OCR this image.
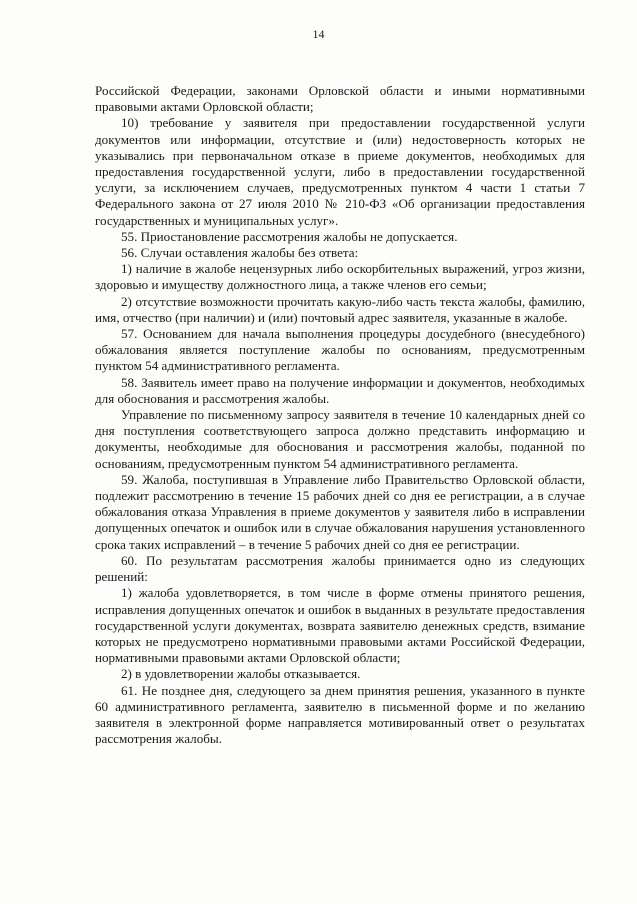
14

Российской Федерации, законами Орловской области и иными нормативными правовыми актами Орловской области;

10) требование у заявителя при предоставлении государственной услуги документов или информации, отсутствие и (или) недостоверность которых не указывались при первоначальном отказе в приеме документов, необходимых для предоставления государственной услуги, либо в предоставлении государственной услуги, за исключением случаев, предусмотренных пунктом 4 части 1 статьи 7 Федерального закона от 27 июля 2010 № 210-ФЗ «Об организации предоставления государственных и муниципальных услуг».

55. Приостановление рассмотрения жалобы не допускается.

56. Случаи оставления жалобы без ответа:

1) наличие в жалобе нецензурных либо оскорбительных выражений, угроз жизни, здоровью и имуществу должностного лица, а также членов его семьи;

2) отсутствие возможности прочитать какую-либо часть текста жалобы, фамилию, имя, отчество (при наличии) и (или) почтовый адрес заявителя, указанные в жалобе.

57. Основанием для начала выполнения процедуры досудебного (внесудебного) обжалования является поступление жалобы по основаниям, предусмотренным пунктом 54 административного регламента.

58. Заявитель имеет право на получение информации и документов, необходимых для обоснования и рассмотрения жалобы.

Управление по письменному запросу заявителя в течение 10 календарных дней со дня поступления соответствующего запроса должно представить информацию и документы, необходимые для обоснования и рассмотрения жалобы, поданной по основаниям, предусмотренным пунктом 54 административного регламента.

59. Жалоба, поступившая в Управление либо Правительство Орловской области, подлежит рассмотрению в течение 15 рабочих дней со дня ее регистрации, а в случае обжалования отказа Управления в приеме документов у заявителя либо в исправлении допущенных опечаток и ошибок или в случае обжалования нарушения установленного срока таких исправлений – в течение 5 рабочих дней со дня ее регистрации.

60. По результатам рассмотрения жалобы принимается одно из следующих решений:

1) жалоба удовлетворяется, в том числе в форме отмены принятого решения, исправления допущенных опечаток и ошибок в выданных в результате предоставления государственной услуги документах, возврата заявителю денежных средств, взимание которых не предусмотрено нормативными правовыми актами Российской Федерации, нормативными правовыми актами Орловской области;

2) в удовлетворении жалобы отказывается.

61. Не позднее дня, следующего за днем принятия решения, указанного в пункте 60 административного регламента, заявителю в письменной форме и по желанию заявителя в электронной форме направляется мотивированный ответ о результатах рассмотрения жалобы.
